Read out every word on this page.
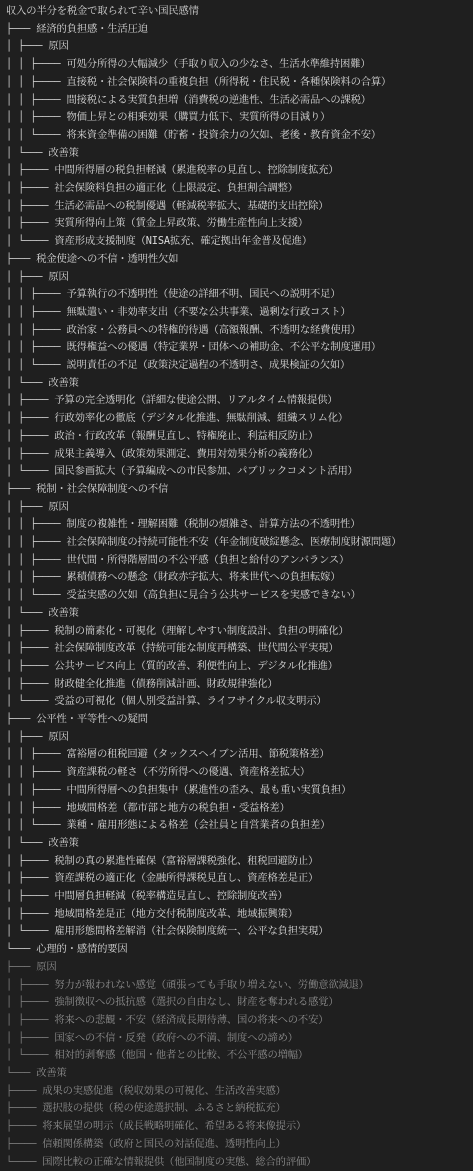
収入の半分を税金で取られて辛い国民感情
├─── 経済的負担感・生活圧迫
│ ├─── 原因
│ │ ├──── 可処分所得の大幅減少（手取り収入の少なさ、生活水準維持困難）
│ │ ├──── 直接税・社会保険料の重複負担（所得税・住民税・各種保険料の合算）
│ │ ├──── 間接税による実質負担増（消費税の逆進性、生活必需品への課税）
│ │ ├──── 物価上昇との相乗効果（購買力低下、実質所得の目減り）
│ │ └──── 将来資金準備の困難（貯蓄・投資余力の欠如、老後・教育資金不安）
│ └─── 改善策
│ ├──── 中間所得層の税負担軽減（累進税率の見直し、控除制度拡充）
│ ├──── 社会保険料負担の適正化（上限設定、負担割合調整）
│ ├──── 生活必需品への税制優遇（軽減税率拡大、基礎的支出控除）
│ ├──── 実質所得向上策（賃金上昇政策、労働生産性向上支援）
│ └──── 資産形成支援制度（NISA拡充、確定拠出年金普及促進）
├─── 税金使途への不信・透明性欠如
│ ├─── 原因
│ │ ├──── 予算執行の不透明性（使途の詳細不明、国民への説明不足）
│ │ ├──── 無駄遣い・非効率支出（不要な公共事業、過剰な行政コスト）
│ │ ├──── 政治家・公務員への特権的待遇（高額報酬、不透明な経費使用）
│ │ ├──── 既得権益への優遇（特定業界・団体への補助金、不公平な制度運用）
│ │ └──── 説明責任の不足（政策決定過程の不透明さ、成果検証の欠如）
│ └─── 改善策
│ ├──── 予算の完全透明化（詳細な使途公開、リアルタイム情報提供）
│ ├──── 行政効率化の徹底（デジタル化推進、無駄削減、組織スリム化）
│ ├──── 政治・行政改革（報酬見直し、特権廃止、利益相反防止）
│ ├──── 成果主義導入（政策効果測定、費用対効果分析の義務化）
│ └──── 国民参画拡大（予算編成への市民参加、パブリックコメント活用）
├─── 税制・社会保障制度への不信
│ ├─── 原因
│ │ ├──── 制度の複雑性・理解困難（税制の煩雑さ、計算方法の不透明性）
│ │ ├──── 社会保障制度の持続可能性不安（年金制度破綻懸念、医療制度財源問題）
│ │ ├──── 世代間・所得階層間の不公平感（負担と給付のアンバランス）
│ │ ├──── 累積債務への懸念（財政赤字拡大、将来世代への負担転嫁）
│ │ └──── 受益実感の欠如（高負担に見合う公共サービスを実感できない）
│ └─── 改善策
│ ├──── 税制の簡素化・可視化（理解しやすい制度設計、負担の明確化）
│ ├──── 社会保障制度改革（持続可能な制度再構築、世代間公平実現）
│ ├──── 公共サービス向上（質的改善、利便性向上、デジタル化推進）
│ ├──── 財政健全化推進（債務削減計画、財政規律強化）
│ └──── 受益の可視化（個人別受益計算、ライフサイクル収支明示）
├─── 公平性・平等性への疑問
│ ├─── 原因
│ │ ├──── 富裕層の租税回避（タックスヘイブン活用、節税策格差）
│ │ ├──── 資産課税の軽さ（不労所得への優遇、資産格差拡大）
│ │ ├──── 中間所得層への負担集中（累進性の歪み、最も重い実質負担）
│ │ ├──── 地域間格差（都市部と地方の税負担・受益格差）
│ │ └──── 業種・雇用形態による格差（会社員と自営業者の負担差）
│ └─── 改善策
│ ├──── 税制の真の累進性確保（富裕層課税強化、租税回避防止）
│ ├──── 資産課税の適正化（金融所得課税見直し、資産格差是正）
│ ├──── 中間層負担軽減（税率構造見直し、控除制度改善）
│ ├──── 地域間格差是正（地方交付税制度改革、地域振興策）
│ └──── 雇用形態間格差解消（社会保険制度統一、公平な負担実現）
└─── 心理的・感情的要因
├─── 原因
│ ├──── 努力が報われない感覚（頑張っても手取り増えない、労働意欲減退）
│ ├──── 強制徴収への抵抗感（選択の自由なし、財産を奪われる感覚）
│ ├──── 将来への悲観・不安（経済成長期待薄、国の将来への不安）
│ ├──── 国家への不信・反発（政府への不満、制度への諦め）
│ └──── 相対的剥奪感（他国・他者との比較、不公平感の増幅）
└─── 改善策
├──── 成果の実感促進（税収効果の可視化、生活改善実感）
├──── 選択肢の提供（税の使途選択制、ふるさと納税拡充）
├──── 将来展望の明示（成長戦略明確化、希望ある将来像提示）
├──── 信頼関係構築（政府と国民の対話促進、透明性向上）
└──── 国際比較の正確な情報提供（他国制度の実態、総合的評価）
